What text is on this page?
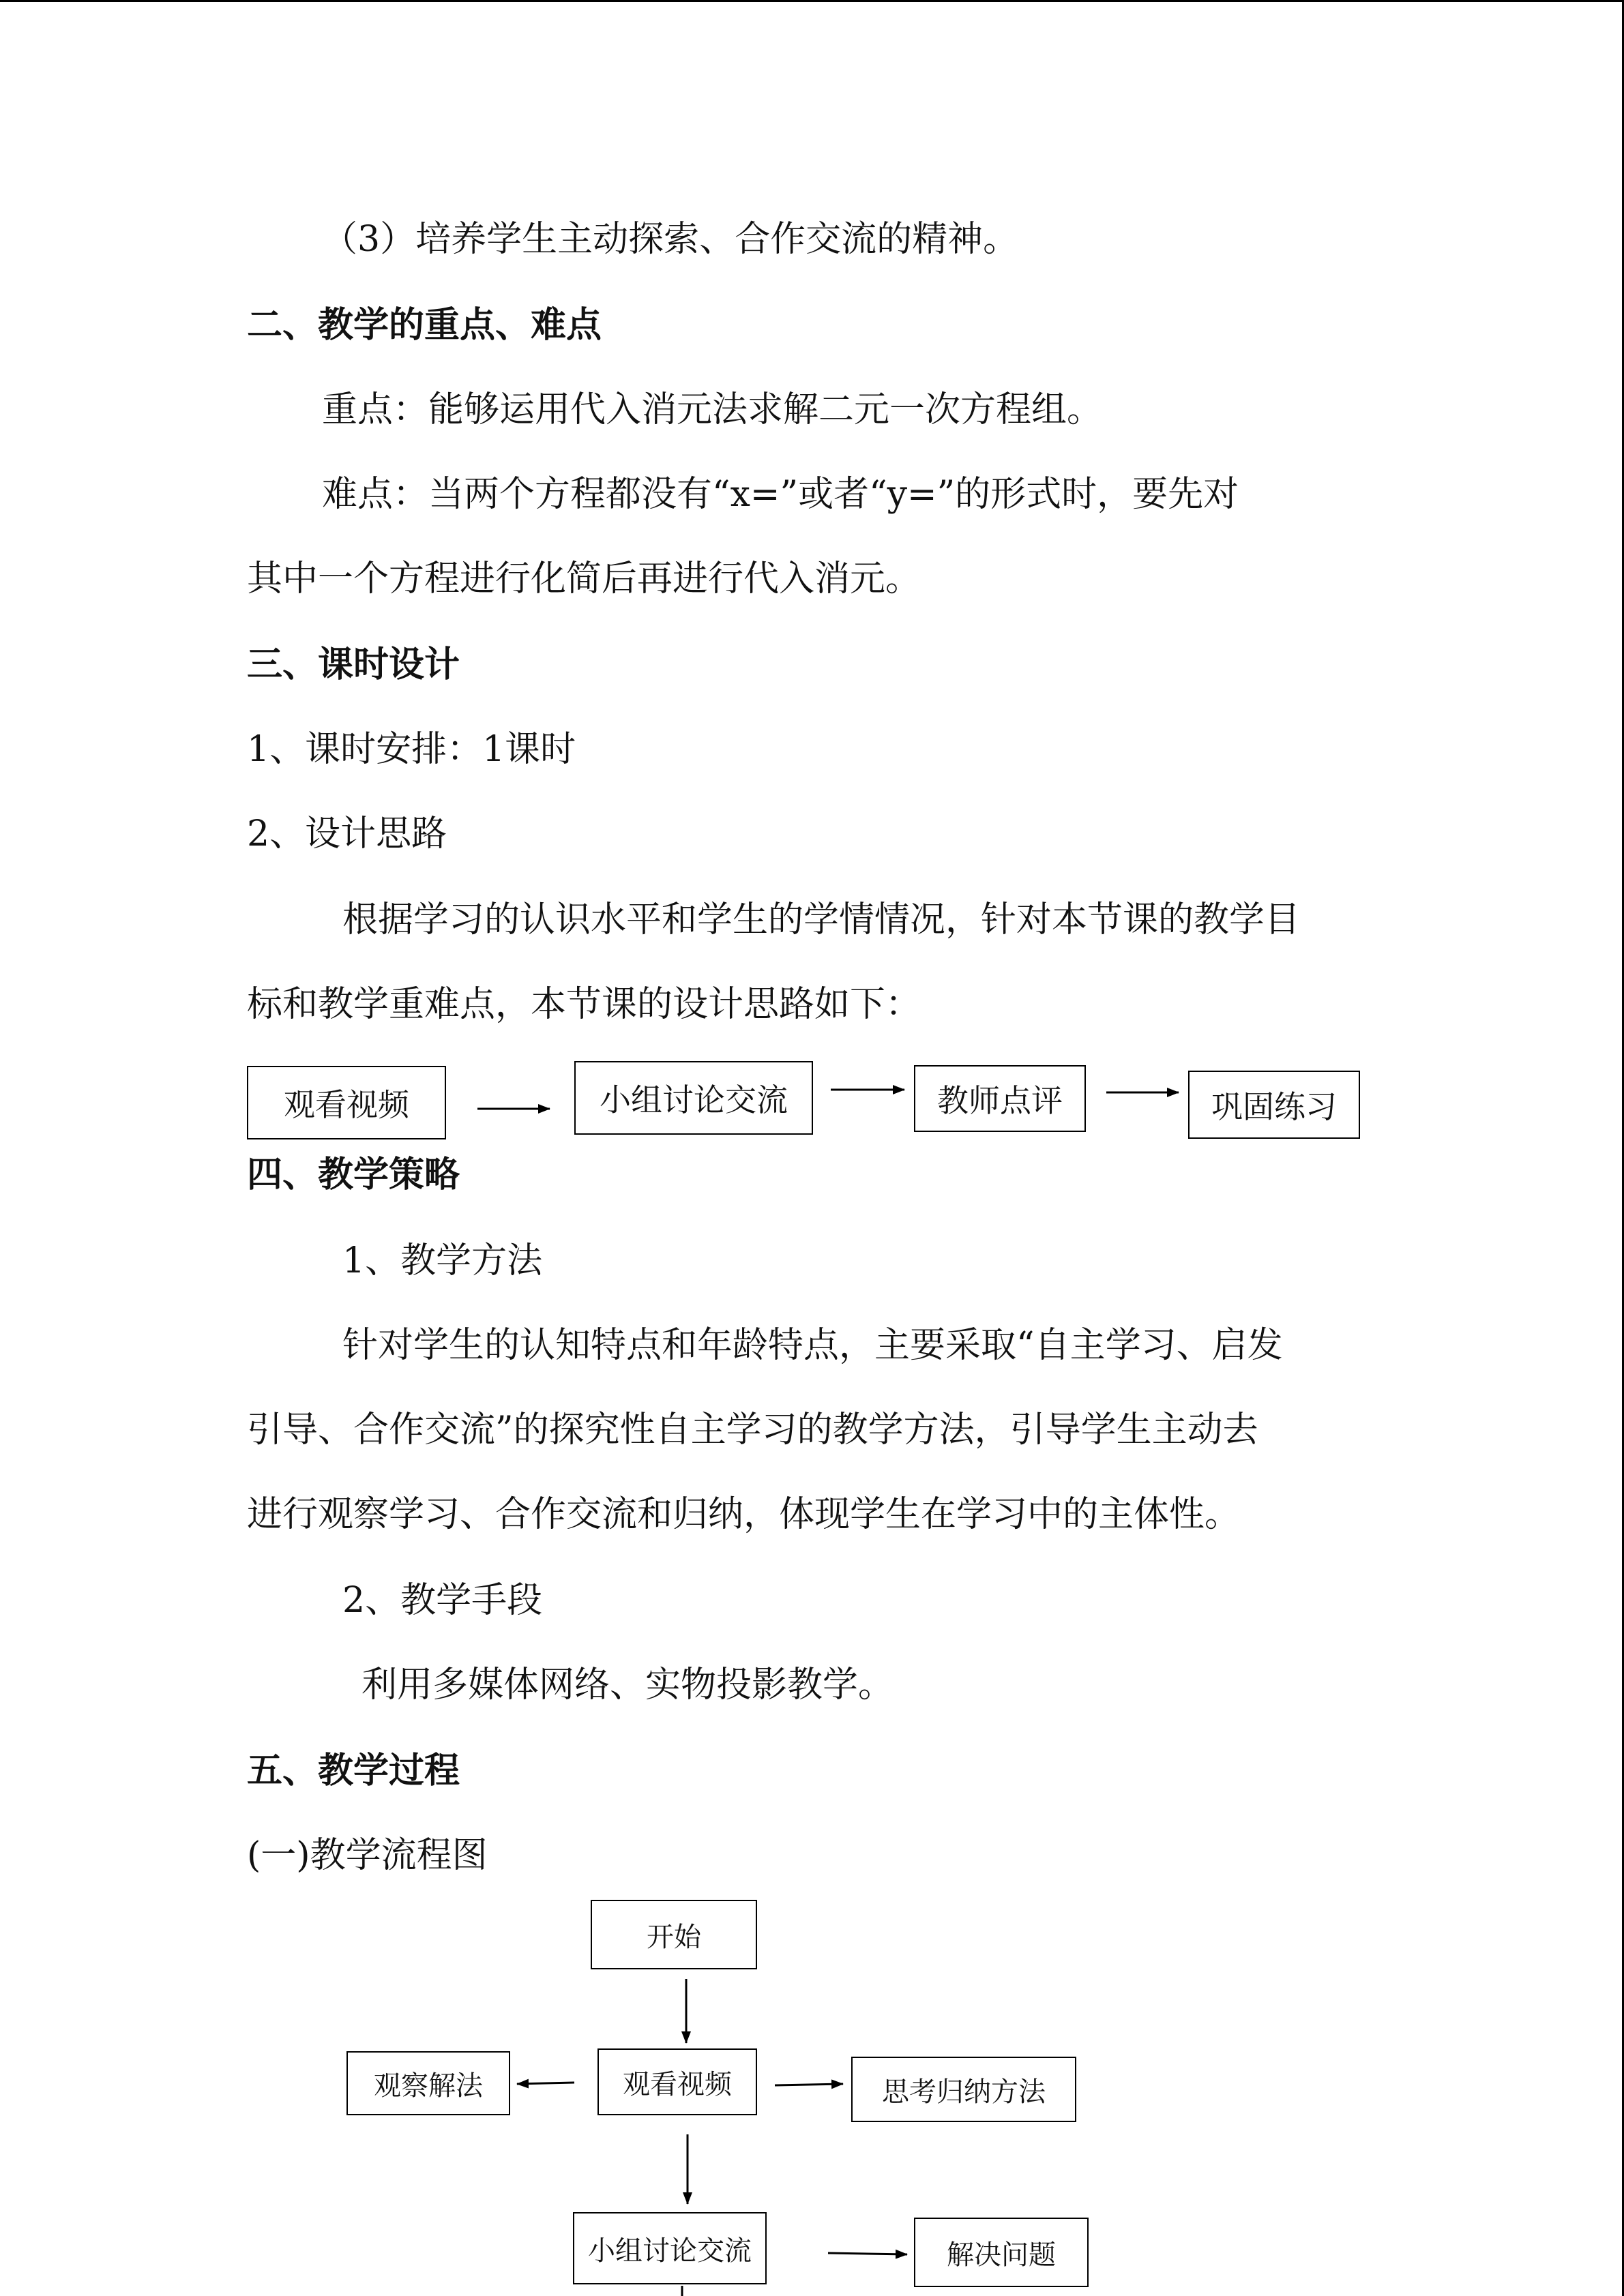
（3）培养学生主动探索、合作交流的精神。
二、教学的重点、难点
重点：能够运用代入消元法求解二元一次方程组。
难点：当两个方程都没有“x=”或者“y=”的形式时，要先对
其中一个方程进行化简后再进行代入消元。
三、课时设计
1、课时安排：1课时
2、设计思路
根据学习的认识水平和学生的学情情况，针对本节课的教学目
标和教学重难点，本节课的设计思路如下：
观看视频	小组讨论交流	教师点评	巩固练习
四、教学策略
1、教学方法
针对学生的认知特点和年龄特点，主要采取“自主学习、启发
引导、合作交流”的探究性自主学习的教学方法，引导学生主动去
进行观察学习、合作交流和归纳，体现学生在学习中的主体性。
2、教学手段
利用多媒体网络、实物投影教学。
五、教学过程
(一)教学流程图
开始
观看视频
观察解法	思考归纳方法
小组讨论交流	解决问题
